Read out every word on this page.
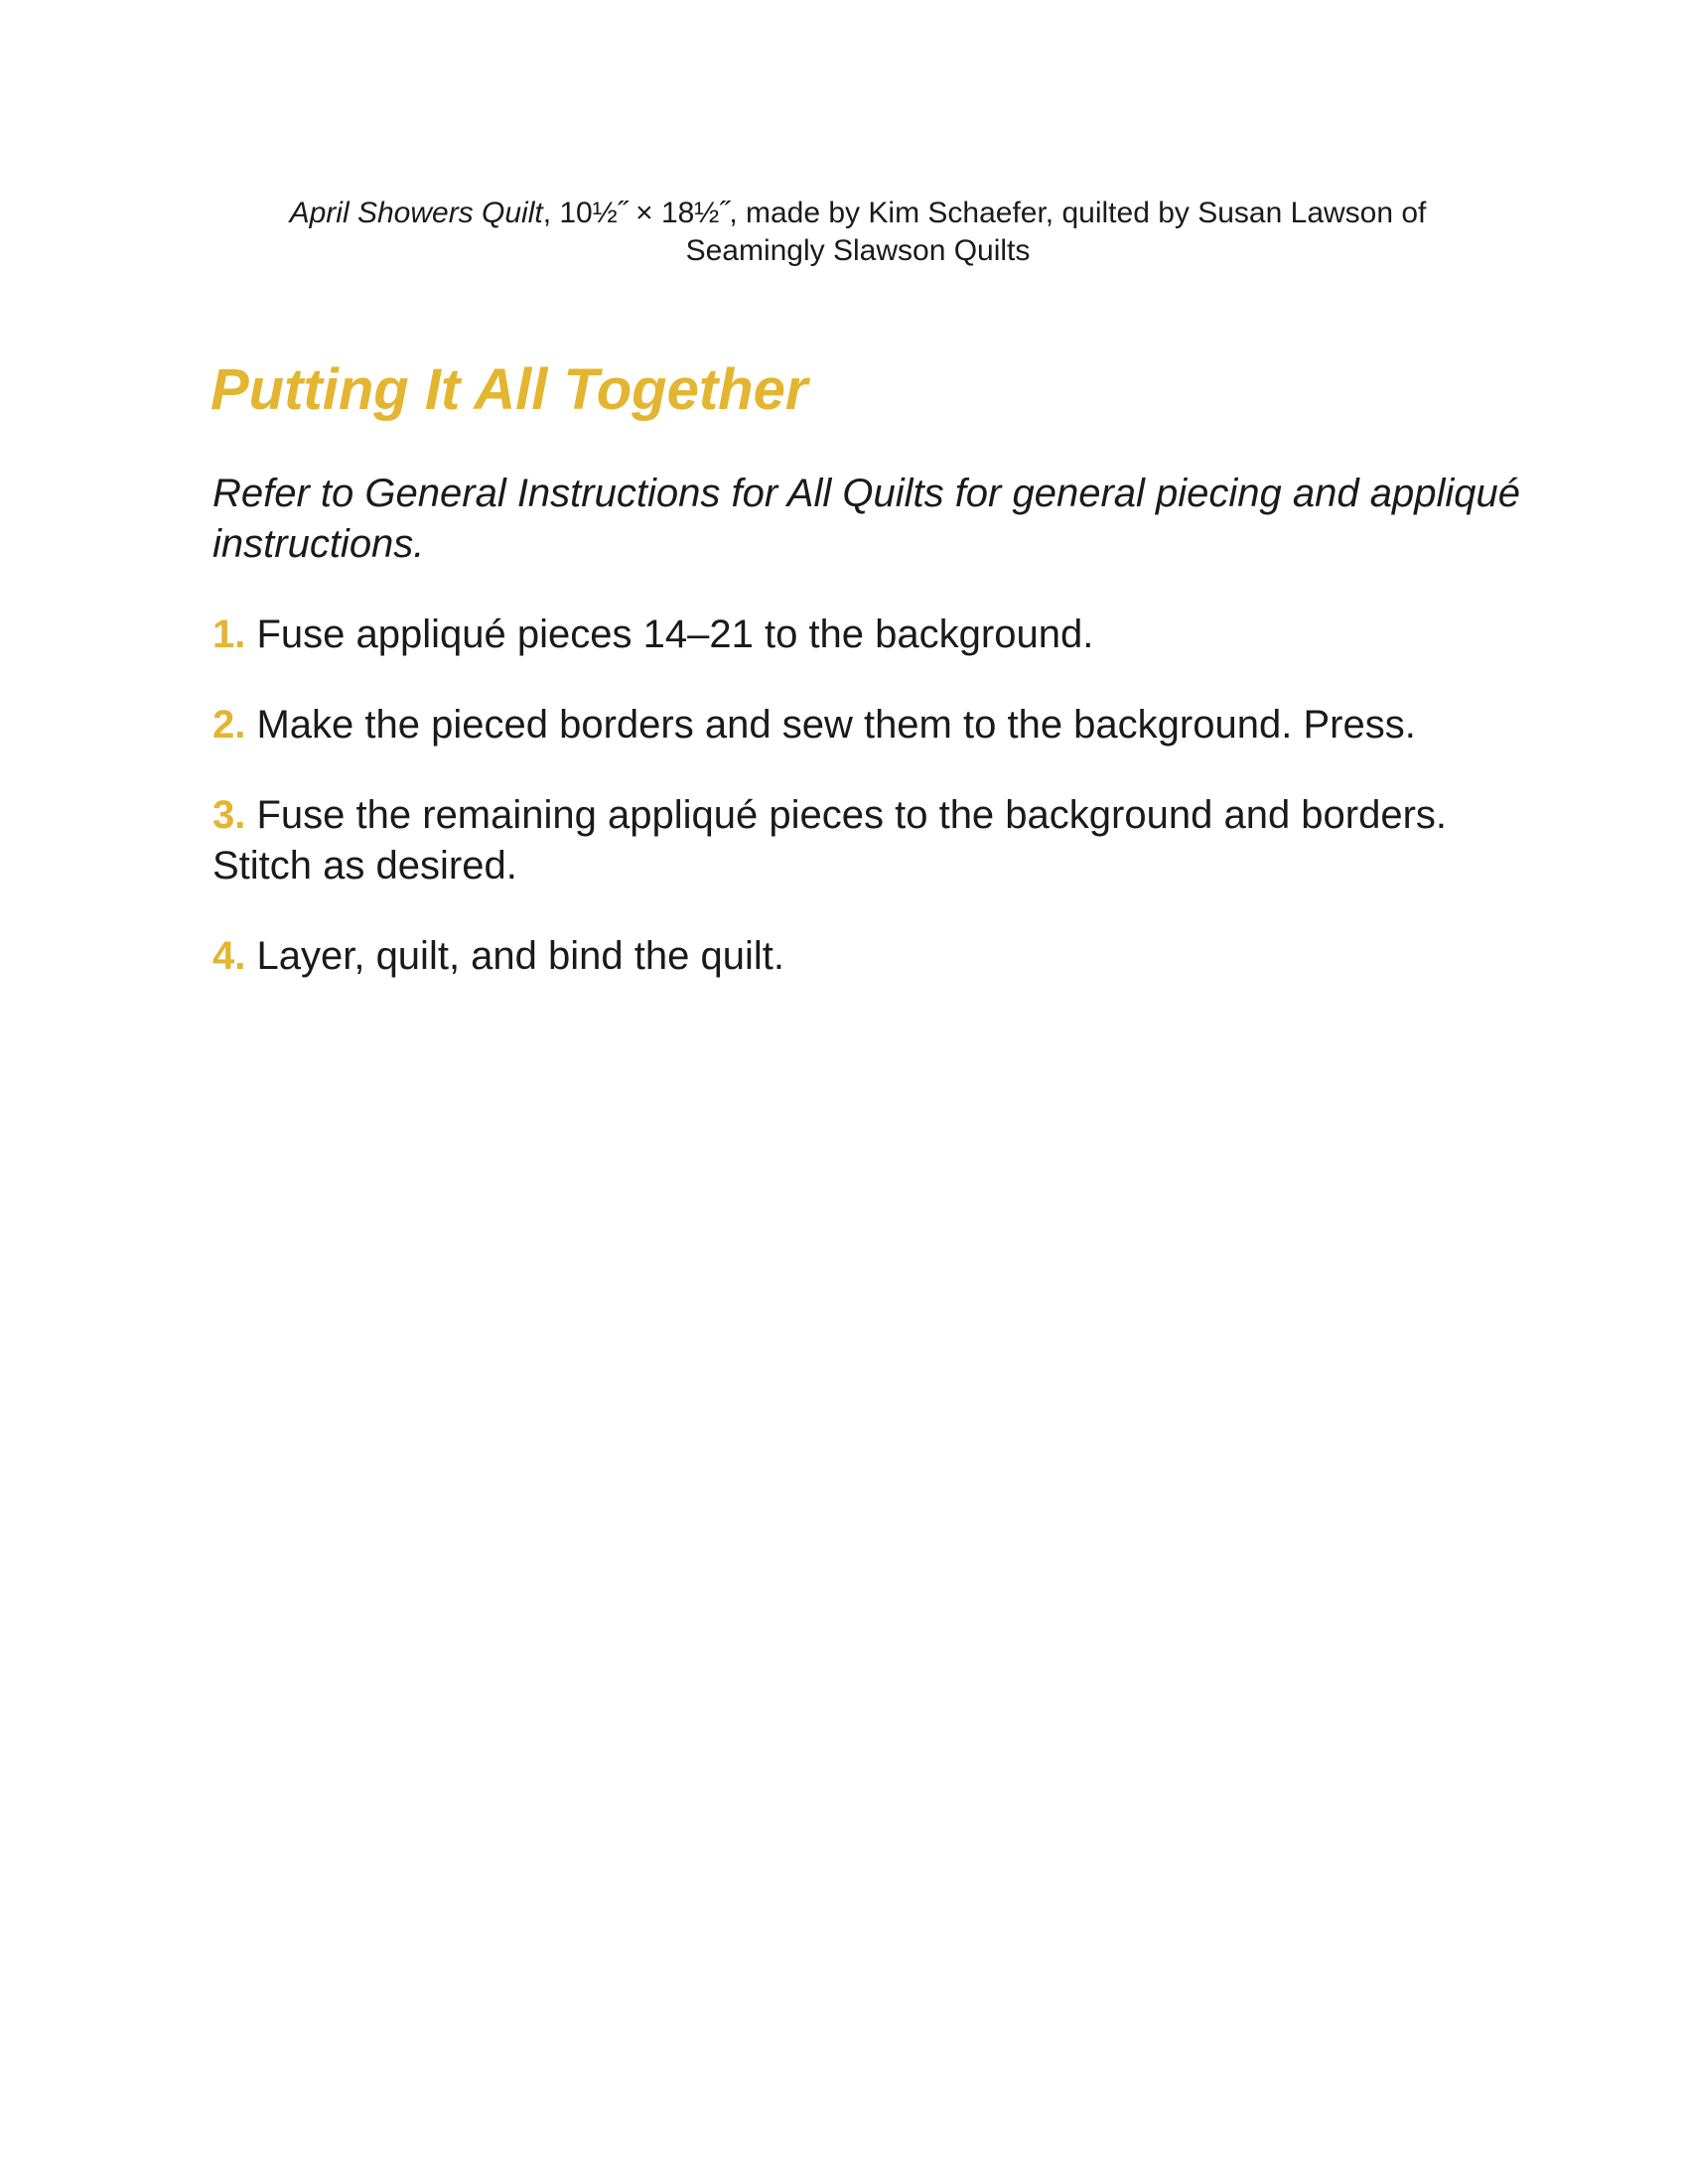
April Showers Quilt, 10½˝ × 18½˝, made by Kim Schaefer, quilted by Susan Lawson of
Seamingly Slawson Quilts
Putting It All Together

Refer to General Instructions for All Quilts for general piecing and appliqué instructions.

1. Fuse appliqué pieces 14–21 to the background.
2. Make the pieced borders and sew them to the background. Press.
3. Fuse the remaining appliqué pieces to the background and borders. Stitch as desired.
4. Layer, quilt, and bind the quilt.
